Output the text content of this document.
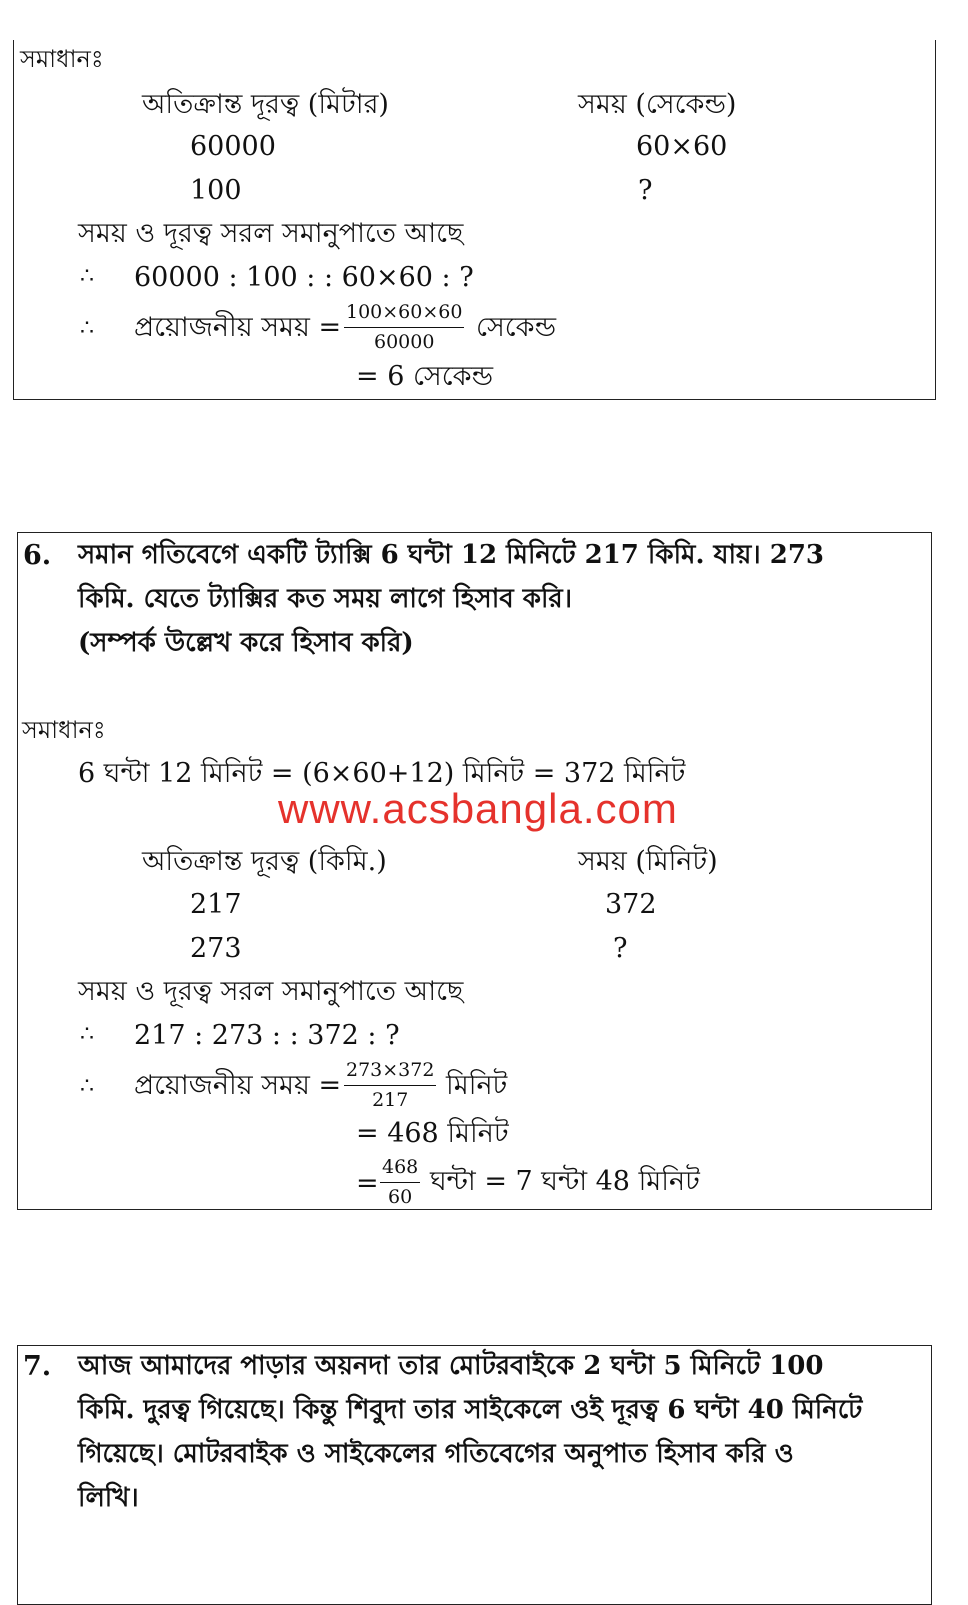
সমাধানঃ
অতিক্রান্ত দূরত্ব (মিটার)	সময় (সেকেন্ড)
60000	60×60
100	?
সময় ও দূরত্ব সরল সমানুপাতে আছে
∴ 60000 : 100 : : 60×60 : ?
∴ প্রয়োজনীয় সময় = $\frac{100\times 60\times 60}{60000}$ সেকেন্ড
= 6 সেকেন্ড
6. সমান গতিবেগে একটি ট্যাক্সি 6 ঘন্টা 12 মিনিটে 217 কিমি. যায়। 273
কিমি. যেতে ট্যাক্সির কত সময় লাগে হিসাব করি।
(সম্পর্ক উল্লেখ করে হিসাব করি)
সমাধানঃ
6 ঘন্টা 12 মিনিট = (6×60+12) মিনিট = 372 মিনিট
www.acsbangla.com
অতিক্রান্ত দূরত্ব (কিমি.)	সময় (মিনিট)
217	372
273	?
সময় ও দূরত্ব সরল সমানুপাতে আছে
∴ 217 : 273 : : 372 : ?
∴ প্রয়োজনীয় সময় = $\frac{273\times 372}{217}$ মিনিট
= 468 মিনিট
= $\frac{468}{60}$ ঘন্টা = 7 ঘন্টা 48 মিনিট
7. আজ আমাদের পাড়ার অয়নদা তার মোটরবাইকে 2 ঘন্টা 5 মিনিটে 100
কিমি. দুরত্ব গিয়েছে। কিন্তু শিবুদা তার সাইকেলে ওই দূরত্ব 6 ঘন্টা 40 মিনিটে
গিয়েছে। মোটরবাইক ও সাইকেলের গতিবেগের অনুপাত হিসাব করি ও
লিখি।
